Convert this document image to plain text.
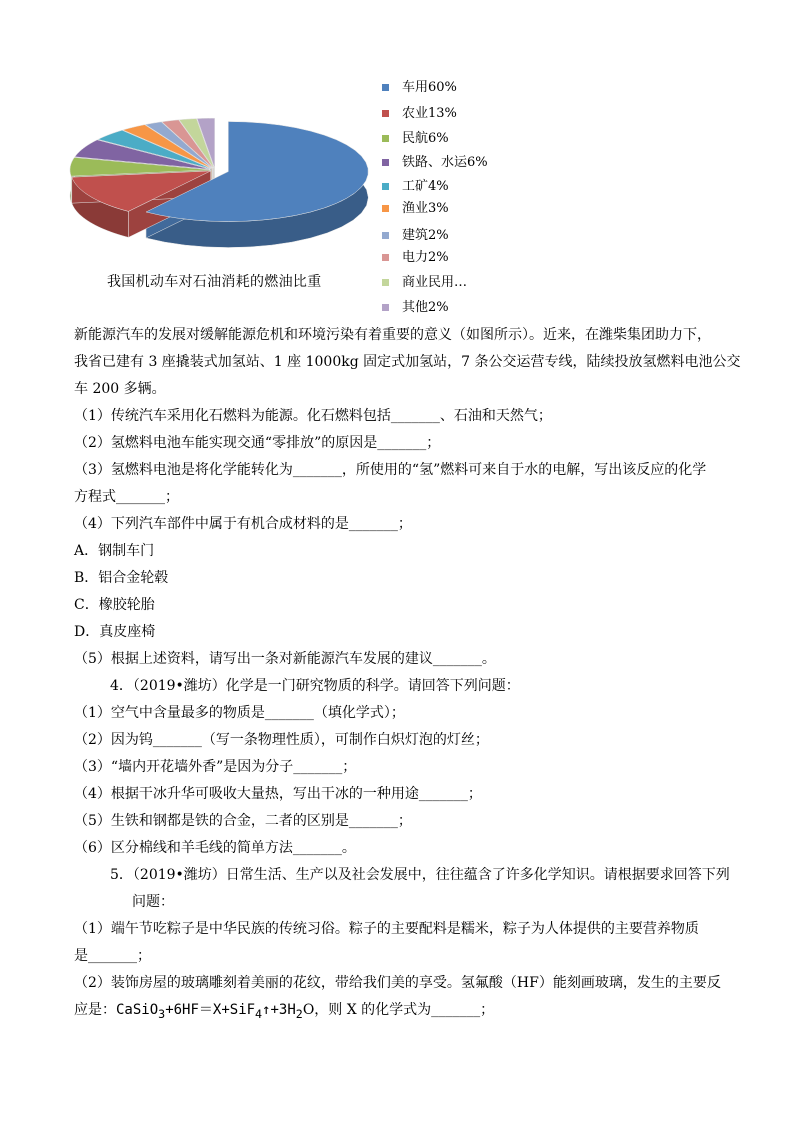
我国机动车对石油消耗的燃油比重
车用60%
农业13%
民航6%
铁路、水运6%
工矿4%
渔业3%
建筑2%
电力2%
商业民用…
其他2%
新能源汽车的发展对缓解能源危机和环境污染有着重要的意义（如图所示）。近来，在潍柴集团助力下，
我省已建有 3 座撬装式加氢站、1 座 1000kg 固定式加氢站，7 条公交运营专线，陆续投放氢燃料电池公交
车 200 多辆。
（1）传统汽车采用化石燃料为能源。化石燃料包括_______、石油和天然气；
（2）氢燃料电池车能实现交通“零排放”的原因是_______；
（3）氢燃料电池是将化学能转化为_______，所使用的“氢”燃料可来自于水的电解，写出该反应的化学
方程式_______；
（4）下列汽车部件中属于有机合成材料的是_______；
A．钢制车门
B．铝合金轮毂
C．橡胶轮胎
D．真皮座椅
（5）根据上述资料，请写出一条对新能源汽车发展的建议_______。
4．（2019•潍坊）化学是一门研究物质的科学。请回答下列问题：
（1）空气中含量最多的物质是_______（填化学式）；
（2）因为钨_______（写一条物理性质），可制作白炽灯泡的灯丝；
（3）“墙内开花墙外香”是因为分子_______；
（4）根据干冰升华可吸收大量热，写出干冰的一种用途_______；
（5）生铁和钢都是铁的合金，二者的区别是_______；
（6）区分棉线和羊毛线的简单方法_______。
5．（2019•潍坊）日常生活、生产以及社会发展中，往往蕴含了许多化学知识。请根据要求回答下列
问题：
（1）端午节吃粽子是中华民族的传统习俗。粽子的主要配料是糯米，粽子为人体提供的主要营养物质
是_______；
（2）装饰房屋的玻璃雕刻着美丽的花纹，带给我们美的享受。氢氟酸（HF）能刻画玻璃，发生的主要反
应是：$CaSiO_3+6HF=X+SiF_4↑+3H_2O$，则 X 的化学式为_______；
